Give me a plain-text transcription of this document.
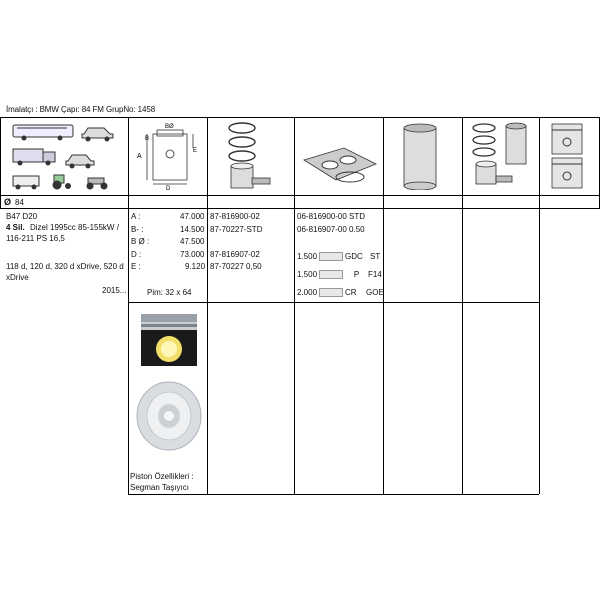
İmalatçı : BMW Çapı: 84 FM GrupNo: 1458
A
B
BØ
E
D
Ø 84
B47 D20
4 Sil. Dizel 1995cc 85-155kW /
116-211 PS 16,5
118 d, 120 d, 320 d xDrive, 520 d
xDrive
2015...
A :	47.000
B- :	14.500
B Ø :	47.500
D :	73.000
E :	9.120
Pim: 32 x 64
87-816900-02
87-70227-STD
87-816907-02
87-70227 0,50
06-816900-00 STD
06-816907-00 0.50
1.500	GDC ST
1.500	P F14
2.000	CR GOE
Piston Özellikleri :
Segman Taşıyıcı
